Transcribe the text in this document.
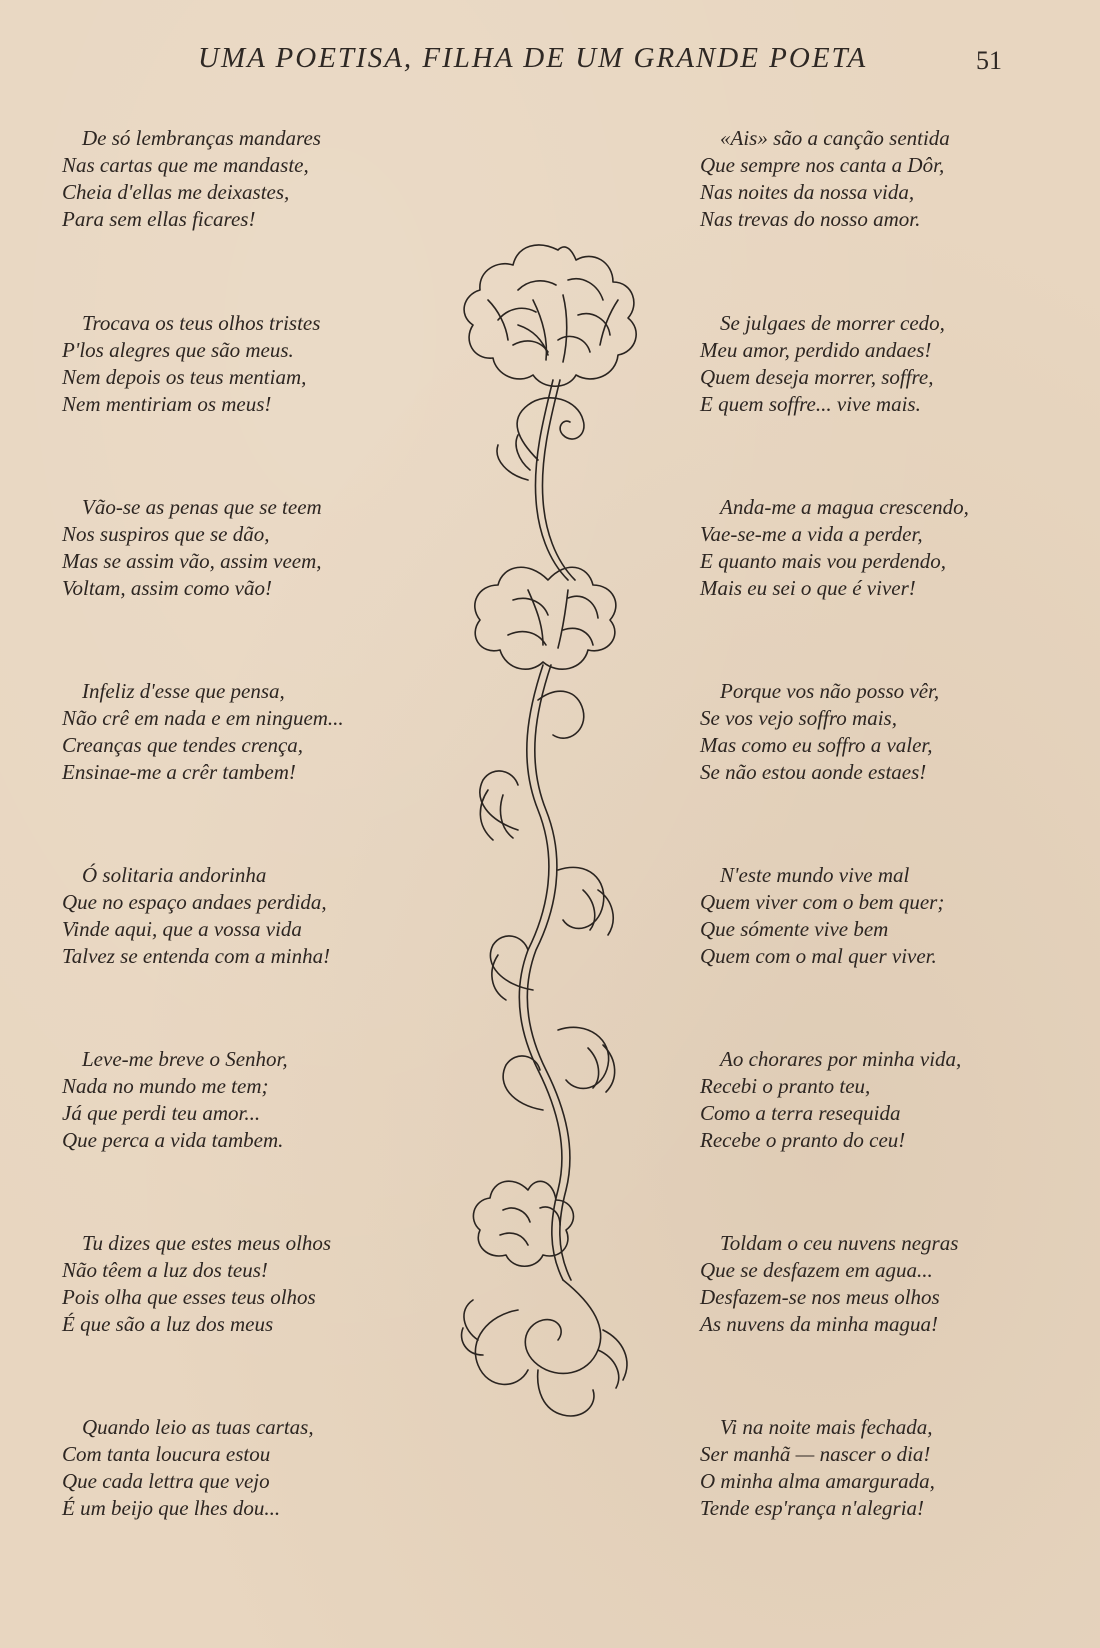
UMA POETISA, FILHA DE UM GRANDE POETA	51
De só lembranças mandares
Nas cartas que me mandaste,
Cheia d'ellas me deixastes,
Para sem ellas ficares!
Trocava os teus olhos tristes
P'los alegres que são meus.
Nem depois os teus mentiam,
Nem mentiriam os meus!
Vão-se as penas que se teem
Nos suspiros que se dão,
Mas se assim vão, assim veem,
Voltam, assim como vão!
Infeliz d'esse que pensa,
Não crê em nada e em ninguem...
Creanças que tendes crença,
Ensinae-me a crêr tambem!
Ó solitaria andorinha
Que no espaço andaes perdida,
Vinde aqui, que a vossa vida
Talvez se entenda com a minha!
Leve-me breve o Senhor,
Nada no mundo me tem;
Já que perdi teu amor...
Que perca a vida tambem.
Tu dizes que estes meus olhos
Não têem a luz dos teus!
Pois olha que esses teus olhos
É que são a luz dos meus
Quando leio as tuas cartas,
Com tanta loucura estou
Que cada lettra que vejo
É um beijo que lhes dou...
«Ais» são a canção sentida
Que sempre nos canta a Dôr,
Nas noites da nossa vida,
Nas trevas do nosso amor.
Se julgaes de morrer cedo,
Meu amor, perdido andaes!
Quem deseja morrer, soffre,
E quem soffre... vive mais.
Anda-me a magua crescendo,
Vae-se-me a vida a perder,
E quanto mais vou perdendo,
Mais eu sei o que é viver!
Porque vos não posso vêr,
Se vos vejo soffro mais,
Mas como eu soffro a valer,
Se não estou aonde estaes!
N'este mundo vive mal
Quem viver com o bem quer;
Que sómente vive bem
Quem com o mal quer viver.
Ao chorares por minha vida,
Recebi o pranto teu,
Como a terra resequida
Recebe o pranto do ceu!
Toldam o ceu nuvens negras
Que se desfazem em agua...
Desfazem-se nos meus olhos
As nuvens da minha magua!
Vi na noite mais fechada,
Ser manhã — nascer o dia!
O minha alma amargurada,
Tende esp'rança n'alegria!
